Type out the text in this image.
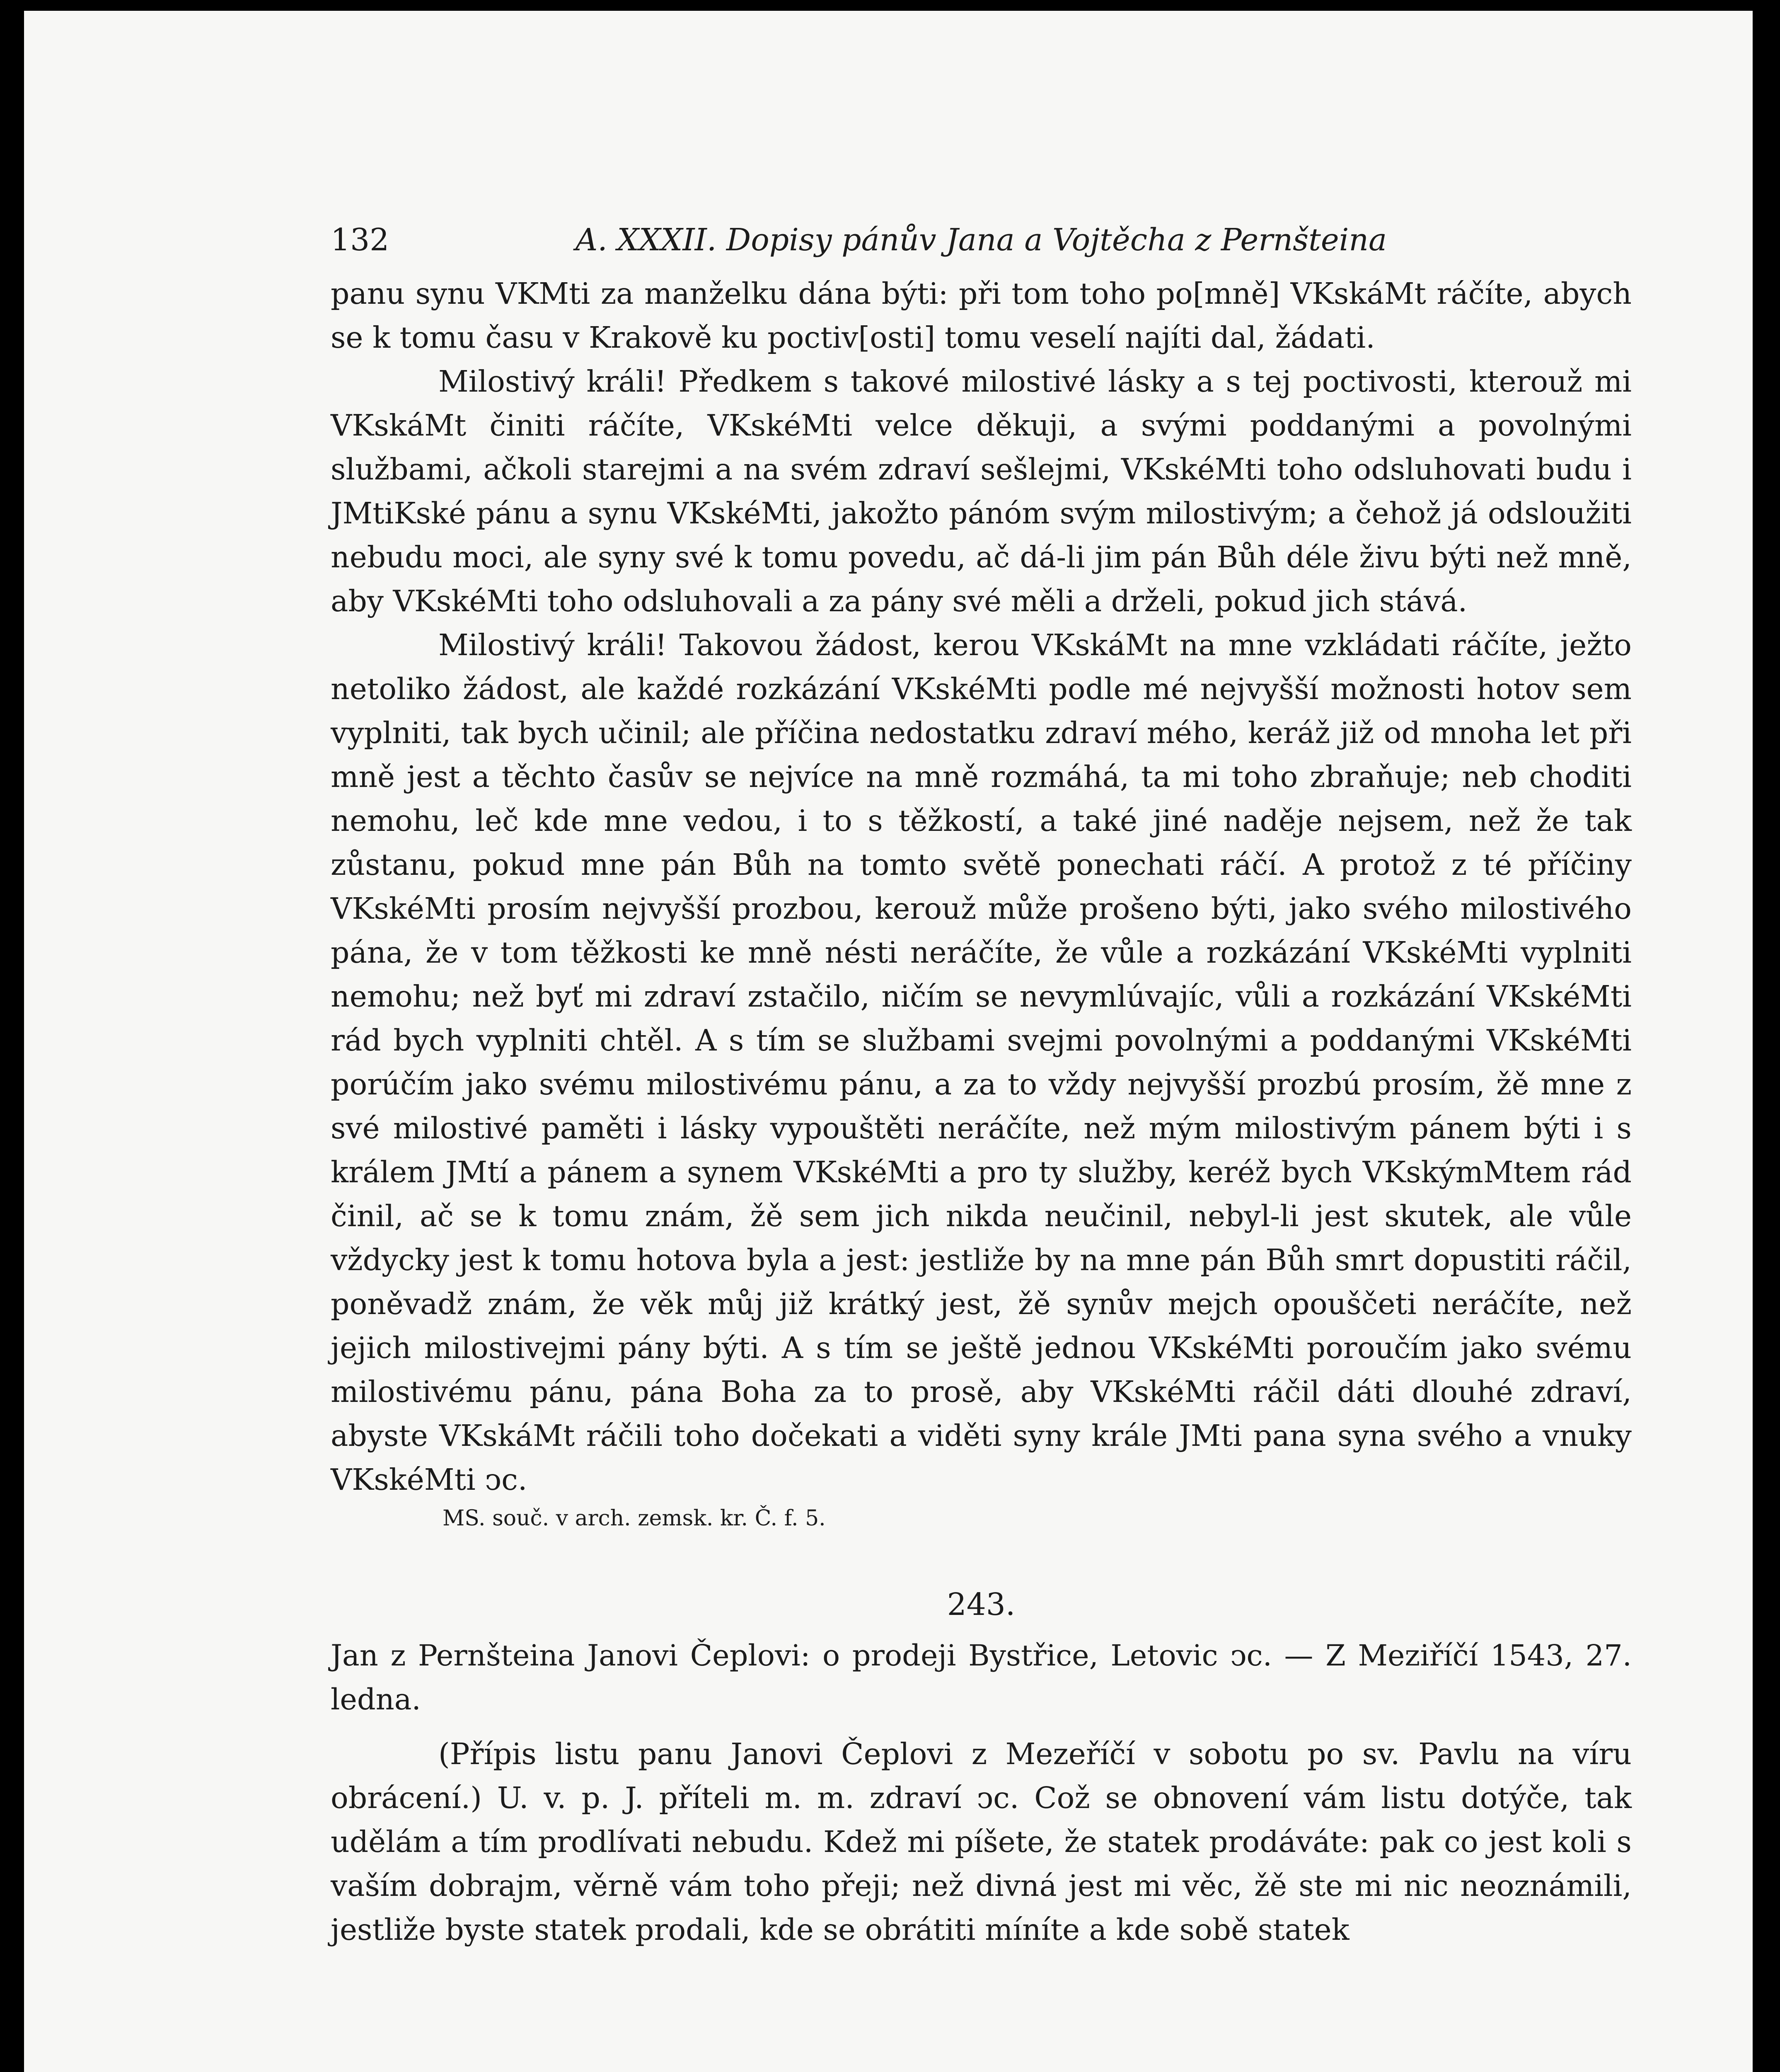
132	A. XXXII. Dopisy pánův Jana a Vojtěcha z Pernšteina

panu synu VKMti za manželku dána býti: při tom toho po[mně] VKskáMt ráčíte, abych se k tomu času v Krakově ku poctiv[osti] tomu veselí najíti dal, žádati.

Milostivý králi! Předkem s takové milostivé lásky a s tej poctivosti, kterouž mi VKskáMt činiti ráčíte, VKskéMti velce děkuji, a svými poddanými a povolnými službami, ačkoli starejmi a na svém zdraví sešlejmi, VKskéMti toho odsluhovati budu i JMtiKské pánu a synu VKskéMti, jakožto pánóm svým milostivým; a čehož já odsloužiti nebudu moci, ale syny své k tomu povedu, ač dá-li jim pán Bůh déle živu býti než mně, aby VKskéMti toho odsluhovali a za pány své měli a drželi, pokud jich stává.

Milostivý králi! Takovou žádost, kerou VKskáMt na mne vzkládati ráčíte, ježto netoliko žádost, ale každé rozkázání VKskéMti podle mé nejvyšší možnosti hotov sem vyplniti, tak bych učinil; ale příčina nedostatku zdraví mého, keráž již od mnoha let při mně jest a těchto časův se nejvíce na mně rozmáhá, ta mi toho zbraňuje; neb choditi nemohu, leč kde mne vedou, i to s těžkostí, a také jiné naděje nejsem, než že tak zůstanu, pokud mne pán Bůh na tomto světě ponechati ráčí. A protož z té příčiny VKskéMti prosím nejvyšší prozbou, kerouž může prošeno býti, jako svého milostivého pána, že v tom těžkosti ke mně nésti neráčíte, že vůle a rozkázání VKskéMti vyplniti nemohu; než byť mi zdraví zstačilo, ničím se nevymlúvajíc, vůli a rozkázání VKskéMti rád bych vyplniti chtěl. A s tím se službami svejmi povolnými a poddanými VKskéMti porúčím jako svému milostivému pánu, a za to vždy nejvyšší prozbú prosím, žě mne z své milostivé paměti i lásky vypouštěti neráčíte, než mým milostivým pánem býti i s králem JMtí a pánem a synem VKskéMti a pro ty služby, keréž bych VKskýmMtem rád činil, ač se k tomu znám, žě sem jich nikda neučinil, nebyl-li jest skutek, ale vůle vždycky jest k tomu hotova byla a jest: jestliže by na mne pán Bůh smrt dopustiti ráčil, poněvadž znám, že věk můj již krátký jest, žě synův mejch opouščeti neráčíte, než jejich milostivejmi pány býti. A s tím se ještě jednou VKskéMti poroučím jako svému milostivému pánu, pána Boha za to prosě, aby VKskéMti ráčil dáti dlouhé zdraví, abyste VKskáMt ráčili toho dočekati a viděti syny krále JMti pana syna svého a vnuky VKskéMti ↄc.

MS. souč. v arch. zemsk. kr. Č. f. 5.

243.
Jan z Pernšteina Janovi Čeplovi: o prodeji Bystřice, Letovic ↄc. — Z Meziříčí 1543, 27. ledna.

(Přípis listu panu Janovi Čeplovi z Mezeříčí v sobotu po sv. Pavlu na víru obrácení.) U. v. p. J. příteli m. m. zdraví ↄc. Což se obnovení vám listu dotýče, tak udělám a tím prodlívati nebudu. Kdež mi píšete, že statek prodáváte: pak co jest koli s vaším dobrajm, věrně vám toho přeji; než divná jest mi věc, žě ste mi nic neoznámili, jestliže byste statek prodali, kde se obrátiti míníte a kde sobě statek
